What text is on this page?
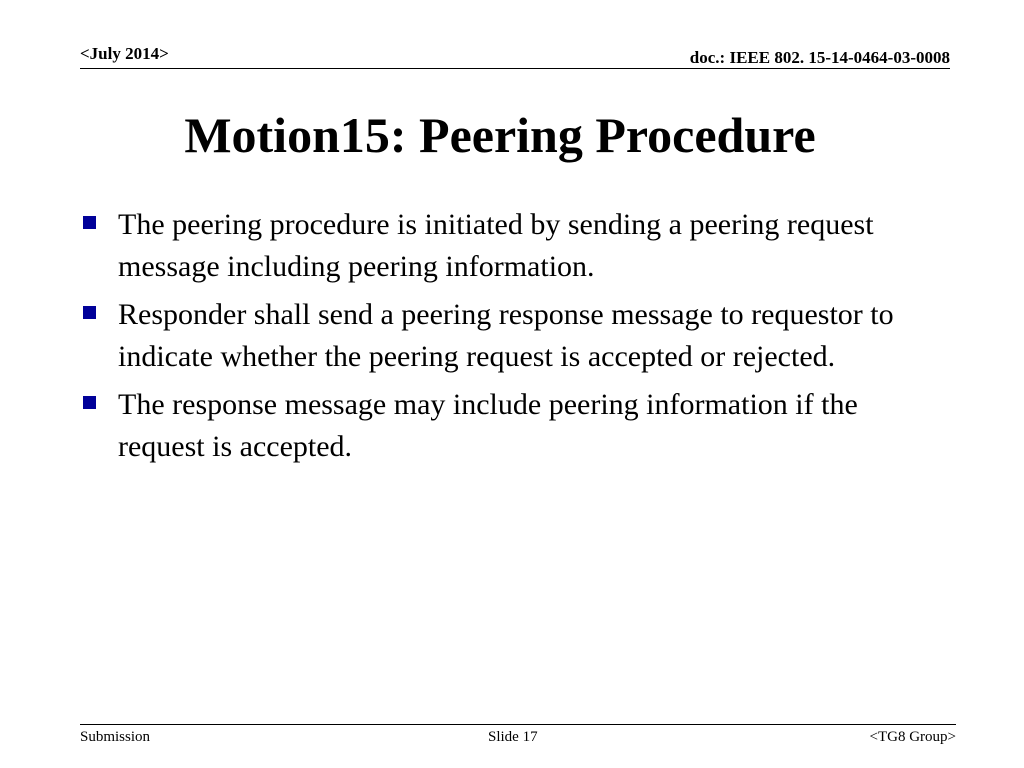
<July 2014>	doc.: IEEE 802. 15-14-0464-03-0008
Motion15: Peering Procedure
The peering procedure is initiated by sending a peering request message including peering information.
Responder shall send a peering response message to requestor to indicate whether the peering request is accepted or rejected.
The response message may include peering information if the request is accepted.
Submission	Slide 17	<TG8 Group>
